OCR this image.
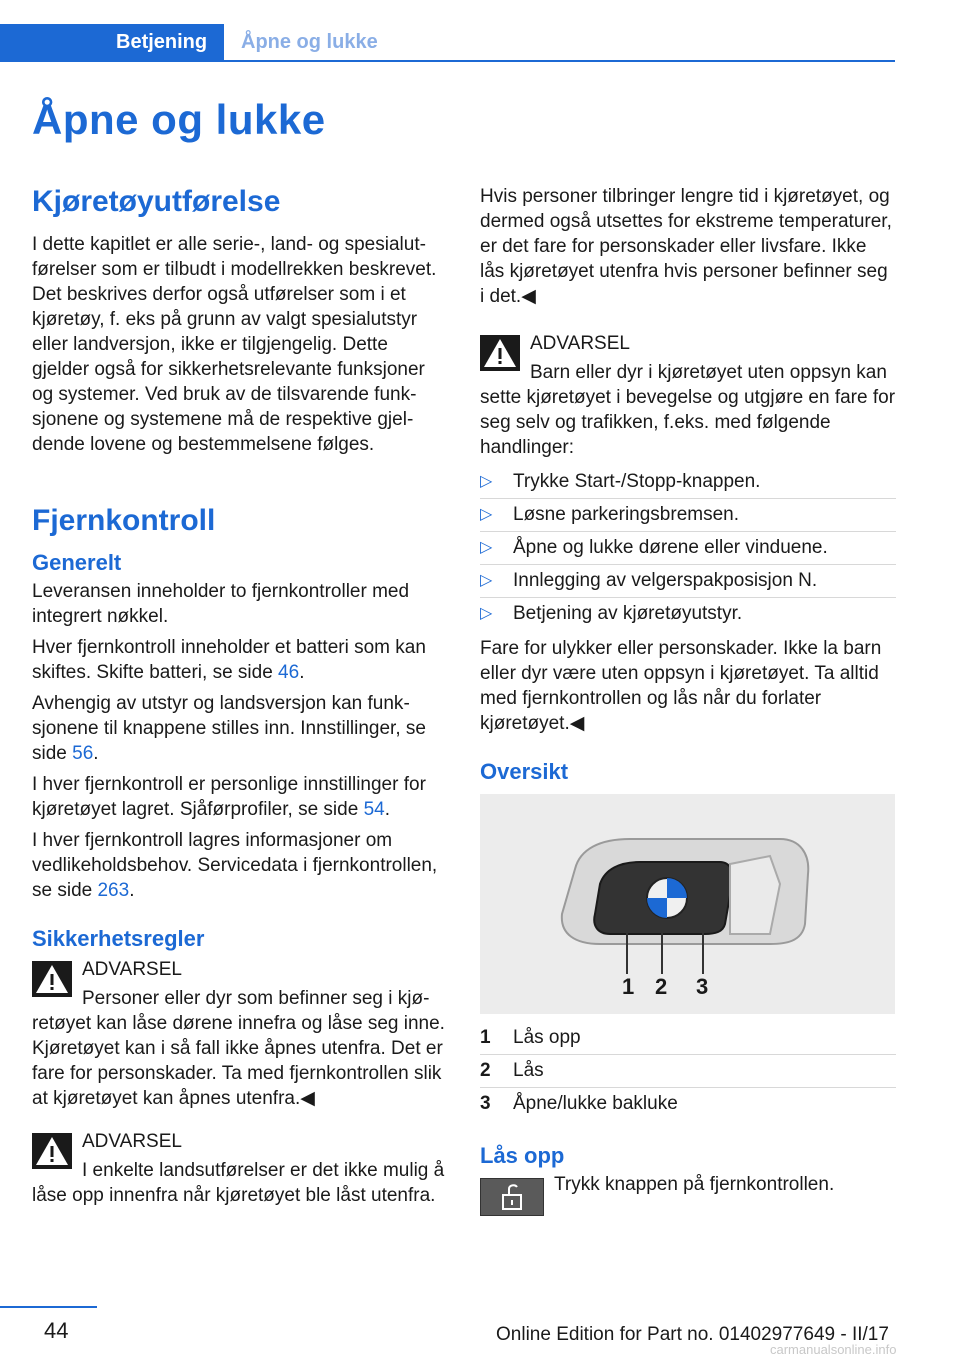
Betjening	Åpne og lukke
Åpne og lukke
Kjøretøyutførelse

I dette kapitlet er alle serie-, land- og spesialutførelser som er tilbudt i modellrekken beskrevet. Det beskrives derfor også utførelser som i et kjøretøy, f. eks på grunn av valgt spesialutstyr eller landversjon, ikke er tilgjengelig. Dette gjelder også for sikkerhetsrelevante funksjoner og systemer. Ved bruk av de tilsvarende funksjonene og systemene må de respektive gjeldende lovene og bestemmelsene følges.

Fjernkontroll
Generelt

Leveransen inneholder to fjernkontroller med integrert nøkkel.

Hver fjernkontroll inneholder et batteri som kan skiftes. Skifte batteri, se side 46.

Avhengig av utstyr og landsversjon kan funksjonene til knappene stilles inn. Innstillinger, se side 56.

I hver fjernkontroll er personlige innstillinger for kjøretøyet lagret. Sjåførprofiler, se side 54.

I hver fjernkontroll lagres informasjoner om vedlikeholdsbehov. Servicedata i fjernkontrollen, se side 263.

Sikkerhetsregler
ADVARSEL
Personer eller dyr som befinner seg i kjøretøyet kan låse dørene innefra og låse seg inne. Kjøretøyet kan i så fall ikke åpnes utenfra. Det er fare for personskader. Ta med fjernkontrollen slik at kjøretøyet kan åpnes utenfra.◀
ADVARSEL
I enkelte landsutførelser er det ikke mulig å låse opp innenfra når kjøretøyet ble låst utenfra.

Hvis personer tilbringer lengre tid i kjøretøyet, og dermed også utsettes for ekstreme temperaturer, er det fare for personskader eller livsfare. Ikke lås kjøretøyet utenfra hvis personer befinner seg i det.◀

ADVARSEL
Barn eller dyr i kjøretøyet uten oppsyn kan sette kjøretøyet i bevegelse og utgjøre en fare for seg selv og trafikken, f.eks. med følgende handlinger:
▷ Trykke Start-/Stopp-knappen.
▷ Løsne parkeringsbremsen.
▷ Åpne og lukke dørene eller vinduene.
▷ Innlegging av velgerspakposisjon N.
▷ Betjening av kjøretøyutstyr.

Fare for ulykker eller personskader. Ikke la barn eller dyr være uten oppsyn i kjøretøyet. Ta alltid med fjernkontrollen og lås når du forlater kjøretøyet.◀

Oversikt
1 2 3
1	Lås opp
2	Lås
3	Åpne/lukke bakluke
Lås opp
Trykk knappen på fjernkontrollen.
44	Online Edition for Part no. 01402977649 - II/17
carmanualsonline.info
